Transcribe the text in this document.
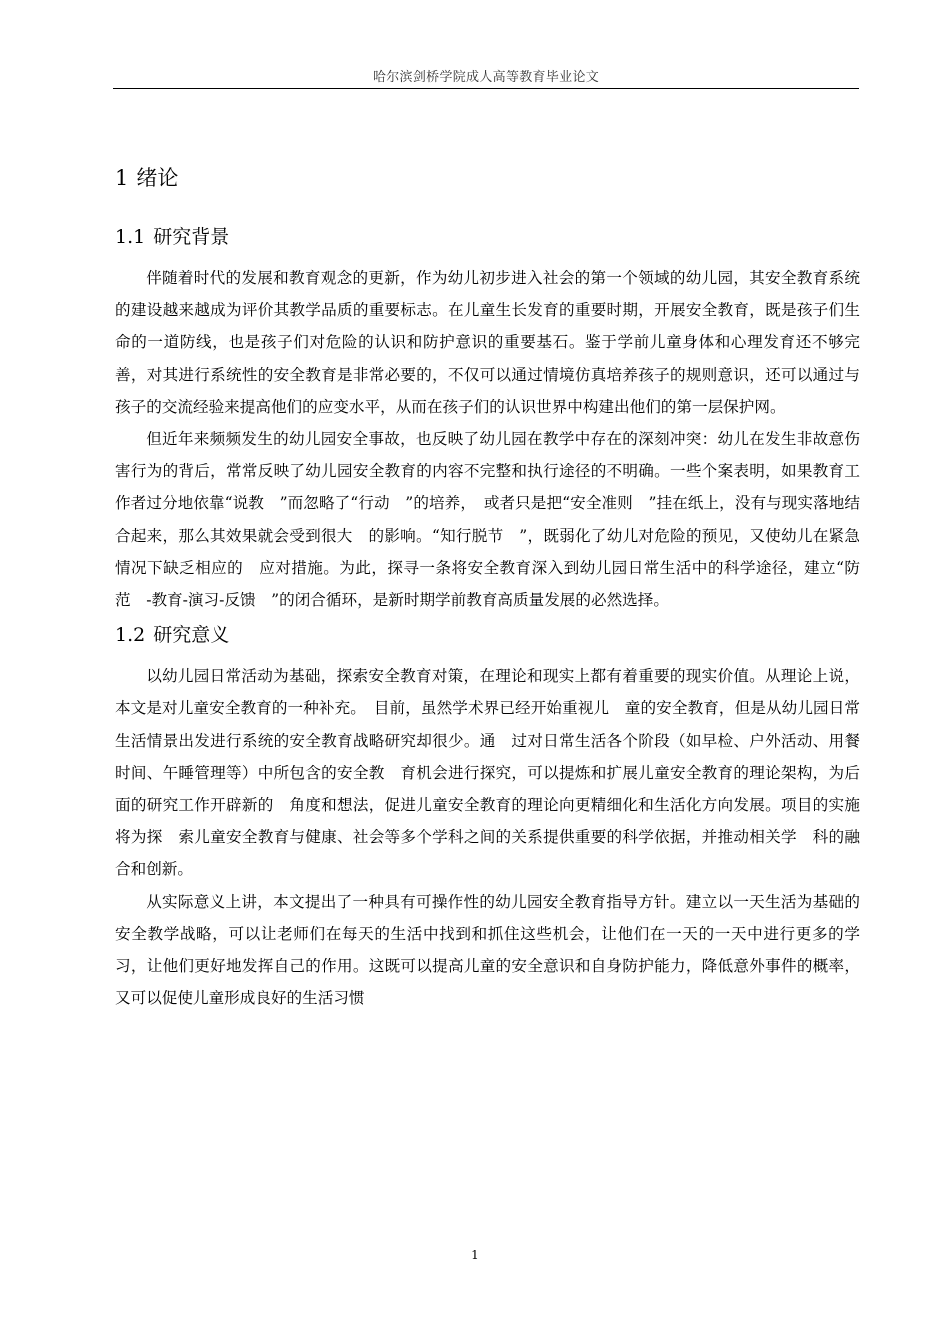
哈尔滨剑桥学院成人高等教育毕业论文
1 绪论
1.1 研究背景

伴随着时代的发展和教育观念的更新，作为幼儿初步进入社会的第一个领域的幼儿园，其安全教育系统的建设越来越成为评价其教学品质的重要标志。在儿童生长发育的重要时期，开展安全教育，既是孩子们生命的一道防线，也是孩子们对危险的认识和防护意识的重要基石。鉴于学前儿童身体和心理发育还不够完善，对其进行系统性的安全教育是非常必要的，不仅可以通过情境仿真培养孩子的规则意识，还可以通过与孩子的交流经验来提高他们的应变水平，从而在孩子们的认识世界中构建出他们的第一层保护网。

但近年来频频发生的幼儿园安全事故，也反映了幼儿园在教学中存在的深刻冲突：幼儿在发生非故意伤害行为的背后，常常反映了幼儿园安全教育的内容不完整和执行途径的不明确。一些个案表明，如果教育工作者过分地依靠“说教　”而忽略了“行动　”的培养，　或者只是把“安全准则　”挂在纸上，没有与现实落地结合起来，那么其效果就会受到很大　的影响。“知行脱节　”，既弱化了幼儿对危险的预见，又使幼儿在紧急情况下缺乏相应的　应对措施。为此，探寻一条将安全教育深入到幼儿园日常生活中的科学途径，建立“防范　-教育-演习-反馈　”的闭合循环，是新时期学前教育高质量发展的必然选择。

1.2 研究意义

以幼儿园日常活动为基础，探索安全教育对策，在理论和现实上都有着重要的现实价值。从理论上说，本文是对儿童安全教育的一种补充。　目前，虽然学术界已经开始重视儿　童的安全教育，但是从幼儿园日常生活情景出发进行系统的安全教育战略研究却很少。通　过对日常生活各个阶段（如早检、户外活动、用餐时间、午睡管理等）中所包含的安全教　育机会进行探究，可以提炼和扩展儿童安全教育的理论架构，为后面的研究工作开辟新的　角度和想法，促进儿童安全教育的理论向更精细化和生活化方向发展。项目的实施将为探　索儿童安全教育与健康、社会等多个学科之间的关系提供重要的科学依据，并推动相关学　科的融合和创新。

从实际意义上讲，本文提出了一种具有可操作性的幼儿园安全教育指导方针。建立以一天生活为基础的安全教学战略，可以让老师们在每天的生活中找到和抓住这些机会，让他们在一天的一天中进行更多的学习，让他们更好地发挥自己的作用。这既可以提高儿童的安全意识和自身防护能力，降低意外事件的概率，又可以促使儿童形成良好的生活习惯

1
